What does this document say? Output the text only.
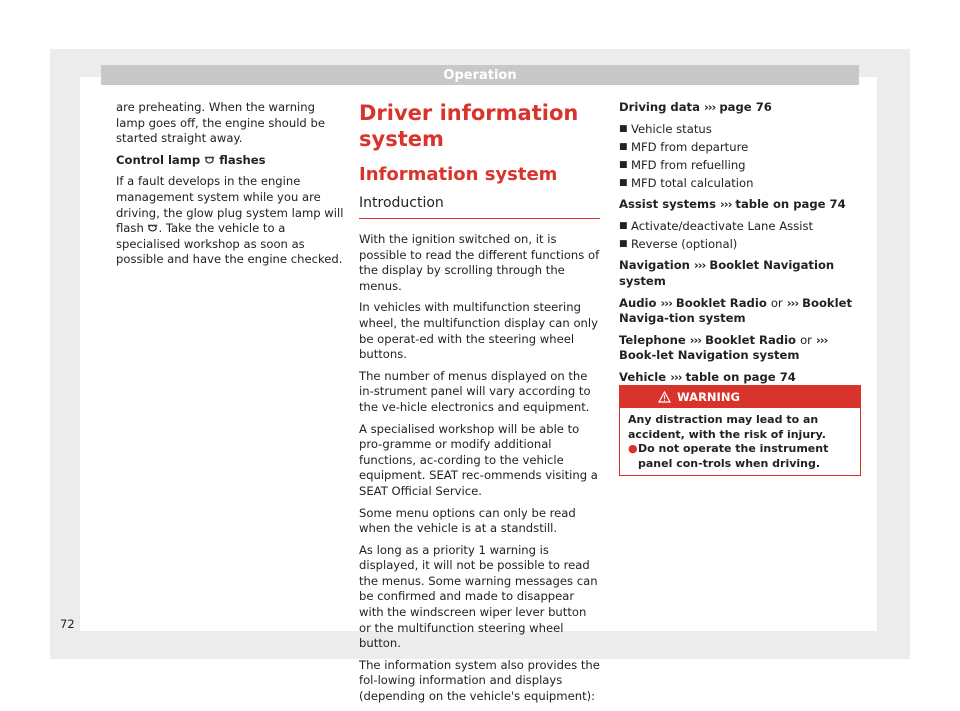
Operation

are preheating. When the warning lamp goes off, the engine should be started straight away.

Control lamp flashes

If a fault develops in the engine management system while you are driving, the glow plug system lamp will flash . Take the vehicle to a specialised workshop as soon as possible and have the engine checked.

Driver information system
Information system
Introduction

With the ignition switched on, it is possible to read the different functions of the display by scrolling through the menus.

In vehicles with multifunction steering wheel, the multifunction display can only be operat-ed with the steering wheel buttons.

The number of menus displayed on the in-strument panel will vary according to the ve-hicle electronics and equipment.

A specialised workshop will be able to pro-gramme or modify additional functions, ac-cording to the vehicle equipment. SEAT rec-ommends visiting a SEAT Official Service.

Some menu options can only be read when the vehicle is at a standstill.

As long as a priority 1 warning is displayed, it will not be possible to read the menus. Some warning messages can be confirmed and made to disappear with the windscreen wiper lever button or the multifunction steering wheel button.

The information system also provides the fol-lowing information and displays (depending on the vehicle's equipment):

Driving data ››› page 76

■ Vehicle status
■ MFD from departure
■ MFD from refuelling
■ MFD total calculation

Assist systems ››› table on page 74

■ Activate/deactivate Lane Assist
■ Reverse (optional)

Navigation ››› Booklet Navigation system

Audio ››› Booklet Radio or ››› Booklet Naviga-tion system

Telephone ››› Booklet Radio or ››› Book-let Navigation system

Vehicle ››› table on page 74

WARNING
Any distraction may lead to an accident, with the risk of injury.
● Do not operate the instrument panel con-trols when driving.
72
